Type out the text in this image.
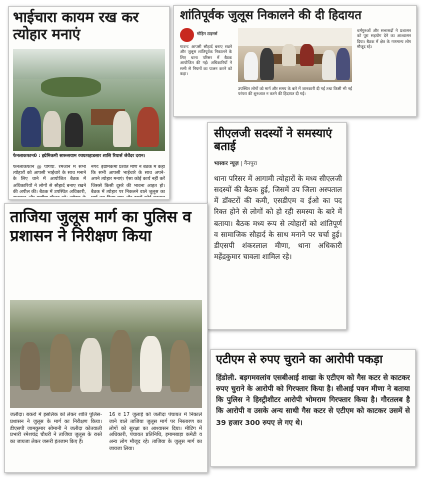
भाईचारा कायम रख कर त्योहार मनाएं
फेनलाकफान0 : इग्रेमिकमी सारूसयाम रचयत्पहाडसार शासि रियार्स जेवेंदर दरान।
फेनलाकफान @ पंगिया. रमजान में सभी त्योहारों को आपसी भाईचारे के साथ मनाने के लिए थाने में आयोजित बैठक में अधिकारियों ने लोगों से सौहार्द बनाए रखने की अपील की। बैठक में उपस्थित अधिकारी,
नगर: इग्रेमिकमी प्रशांत मणि ने बैठक में कहा कि सभी आपसी भाईचारे के साथ अपने-अपने त्योहार मनाएं। ऐसा कोई कार्य नहीं करें जिससे किसी दूसरे की भावना आहत हो। बैठक में त्योहार पर निकलने वाले जुलूस का
शांतिपूर्वक जुलूस निकालने की दी हिदायत
मोहिन टाइमर्स
गावन: आपसी सौहार्द बनाए रखने और जुलूस शांतिपूर्वक निकालने के लिए थाना परिसर में बैठक आयोजित की गई। अधिकारियों ने सभी से नियमों का पालन करने को कहा।
उपस्थित लोगों को मार्ग और समय के बारे में जानकारी दी गई तथा किसी भी नई परंपरा की शुरुआत न करने की हिदायत दी गई।
धर्मगुरुओं और सभासदों ने प्रशासन को पूरा सहयोग देने का आश्वासन दिया। बैठक में क्षेत्र के गणमान्य लोग मौजूद रहे।
सीएलजी सदस्यों ने समस्याएं बताई
भास्कर न्यूज़ | गैनपुरा
थाना परिसर में आगामी त्योहारों के मध्य सीएलजी सदस्यों की बैठक हुई, जिसमें उप जिला अस्पताल में डॉक्टरों की कमी, एसडीएम व ईओ का पद रिक्त होने से लोगों को हो रही समस्या के बारे में बताया। बैठक मध्य रूप से त्योहारों को शांतिपूर्ण व सामाजिक सौहार्द के साथ मनाने पर चर्चा हुई। डीएसपी शंकरलाल मीणा, थाना अधिकारी महेंद्रकुमार चावला शामिल रहे।
ताजिया जुलूस मार्ग का पुलिस व प्रशासन ने निरीक्षण किया
जलौदा। बकरो में इसलिक को लेकर शांति पुलिस-प्रशासन ने जुलूस के मार्ग का निरीक्षण किया। डीएसपी जामकुमार सोमानी ने जलीदा कोतवाली प्रभारी रमेशचंद्र चौधरी ने ताजिया जुलूस के रास्ते का जायजा लेकर जरूरी इंतजाम किए हैं।
16 व 17 जुलाई को जलीदा पंचायत में निकाले जाने वाले ताजिया जुलूस मार्ग पर निस्तारण का लोगों को सुरक्षा का आश्वासन दिया। मीटिंग में अधिकारी, पंचायत प्रतिनिधि, इमामबाड़ा कमेटी व अन्य लोग मौजूद रहे। ताजिया के जुलूस मार्ग का जायजा लिया।
एटीएम से रुपए चुराने का आरोपी पकड़ा
हिंडोली. बड़गमवलांव एसबीआई शाखा के एटीएम को गैस कटर से काटकर रुपए चुराने के आरोपी को गिरफ्तार किया है। सीआई पवन मीणा ने बताया कि पुलिस ने हिस्ट्रीशीटर आरोपी भोमराम गिरफ्तार किया है। गौरतलब है कि आरोपी व उसके अन्य साथी गैस कटर से एटीएम को काटकर उसमें से 39 हजार 300 रुपए ले गए थे।
